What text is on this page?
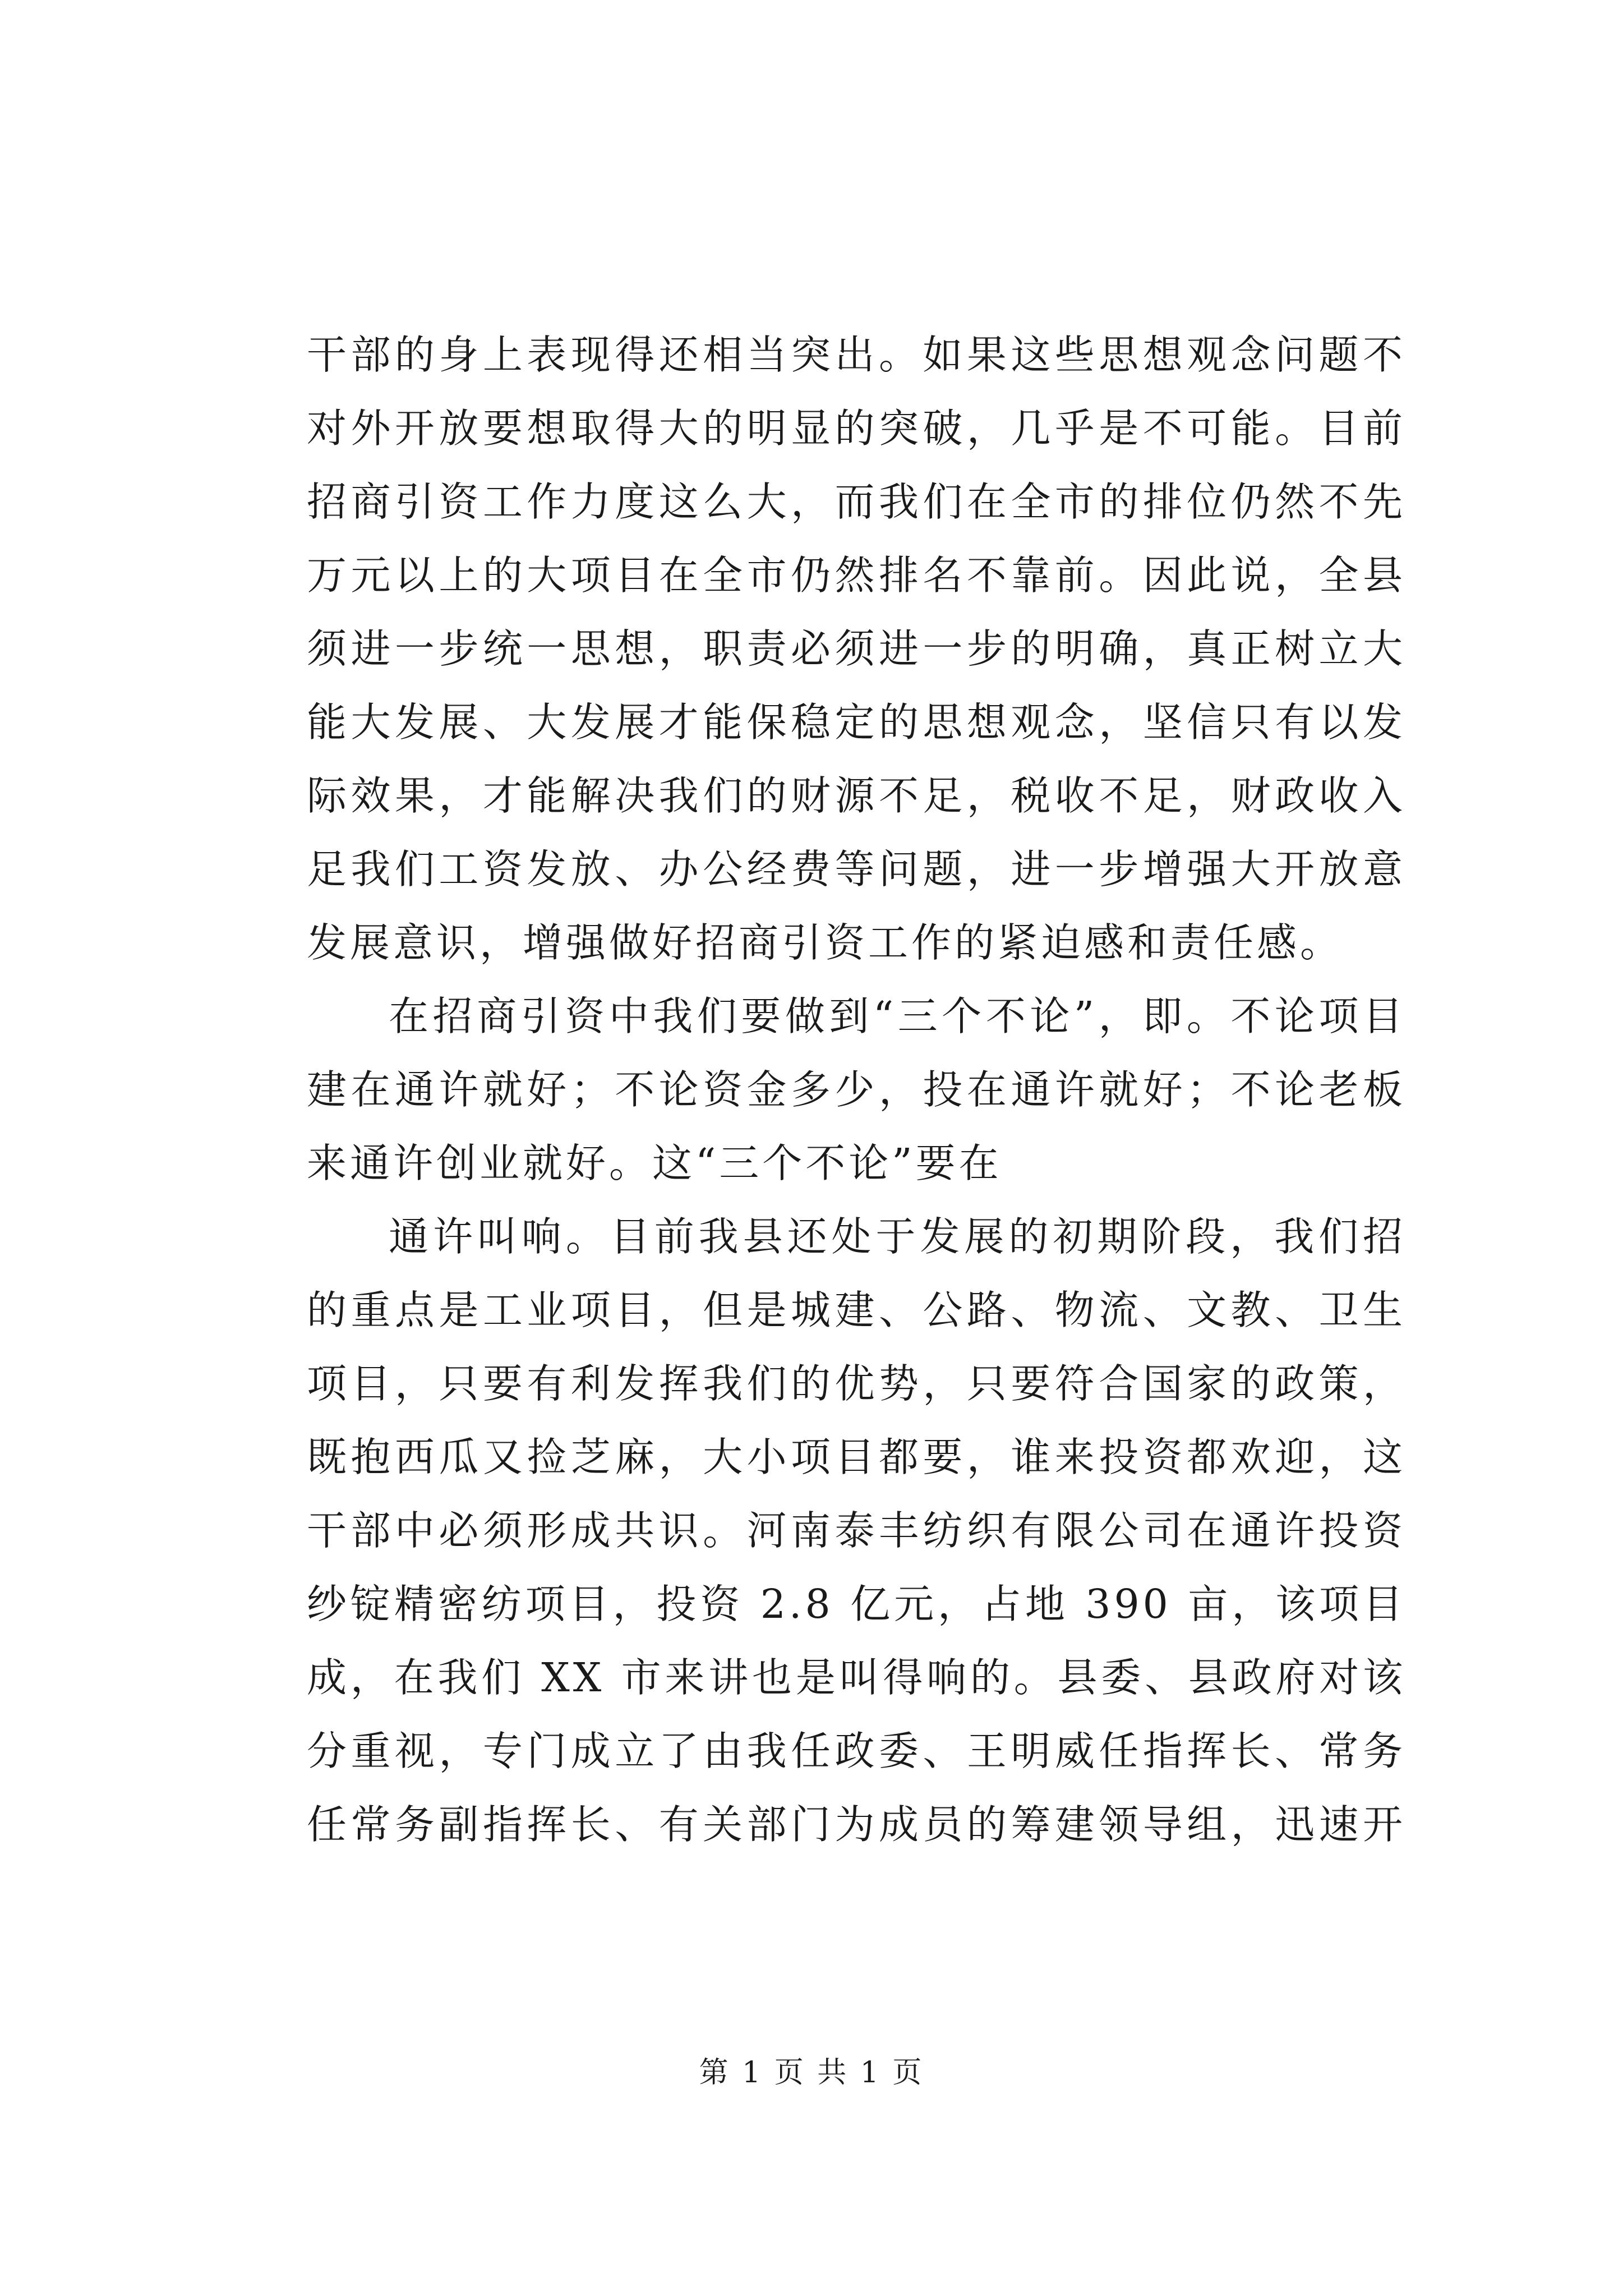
干部的身上表现得还相当突出。如果这些思想观念问题不
对外开放要想取得大的明显的突破，几乎是不可能。目前
招商引资工作力度这么大，而我们在全市的排位仍然不先
万元以上的大项目在全市仍然排名不靠前。因此说，全县
须进一步统一思想，职责必须进一步的明确，真正树立大
能大发展、大发展才能保稳定的思想观念，坚信只有以发
际效果，才能解决我们的财源不足，税收不足，财政收入
足我们工资发放、办公经费等问题，进一步增强大开放意
发展意识，增强做好招商引资工作的紧迫感和责任感。
在招商引资中我们要做到“三个不论”，即。不论项目
建在通许就好；不论资金多少，投在通许就好；不论老板
来通许创业就好。这“三个不论”要在
通许叫响。目前我县还处于发展的初期阶段，我们招
的重点是工业项目，但是城建、公路、物流、文教、卫生
项目，只要有利发挥我们的优势，只要符合国家的政策，
既抱西瓜又捡芝麻，大小项目都要，谁来投资都欢迎，这
干部中必须形成共识。河南泰丰纺织有限公司在通许投资
纱锭精密纺项目，投资 2.8 亿元，占地 390 亩，该项目
成，在我们 XX 市来讲也是叫得响的。县委、县政府对该
分重视，专门成立了由我任政委、王明威任指挥长、常务
任常务副指挥长、有关部门为成员的筹建领导组，迅速开
第 1 页 共 1 页
